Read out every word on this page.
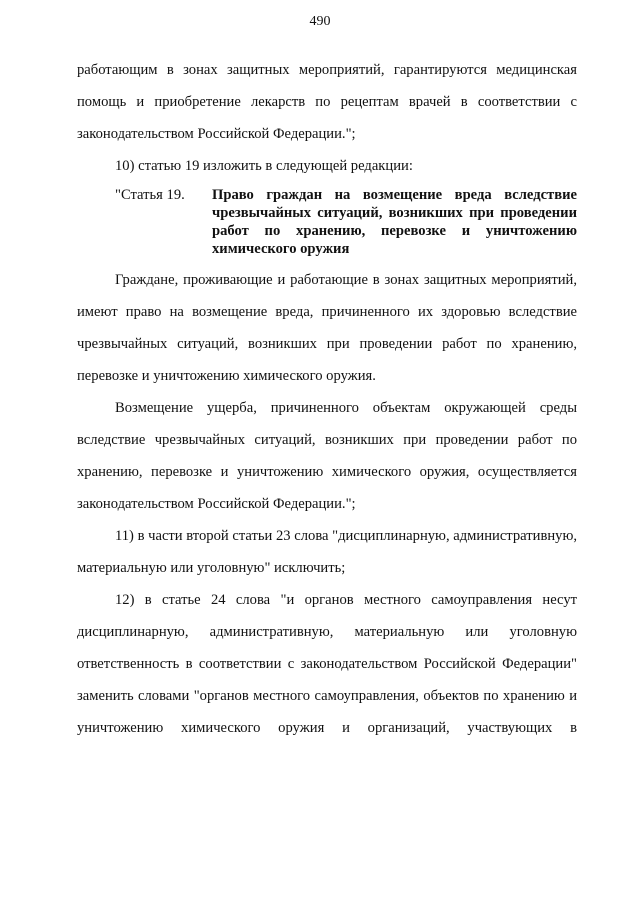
490

работающим в зонах защитных мероприятий, гарантируются медицинская помощь и приобретение лекарств по рецептам врачей в соответствии с законодательством Российской Федерации.";

10) статью 19 изложить в следующей редакции:

"Статья 19.	Право граждан на возмещение вреда вследствие чрезвычайных ситуаций, возникших при проведении работ по хранению, перевозке и уничтожению химического оружия

Граждане, проживающие и работающие в зонах защитных мероприятий, имеют право на возмещение вреда, причиненного их здоровью вследствие чрезвычайных ситуаций, возникших при проведении работ по хранению, перевозке и уничтожению химического оружия.

Возмещение ущерба, причиненного объектам окружающей среды вследствие чрезвычайных ситуаций, возникших при проведении работ по хранению, перевозке и уничтожению химического оружия, осуществляется законодательством Российской Федерации.";

11) в части второй статьи 23 слова "дисциплинарную, административную, материальную или уголовную" исключить;

12) в статье 24 слова "и органов местного самоуправления несут дисциплинарную, административную, материальную или уголовную ответственность в соответствии с законодательством Российской Федерации" заменить словами "органов местного самоуправления, объектов по хранению и уничтожению химического оружия и организаций, участвующих в
